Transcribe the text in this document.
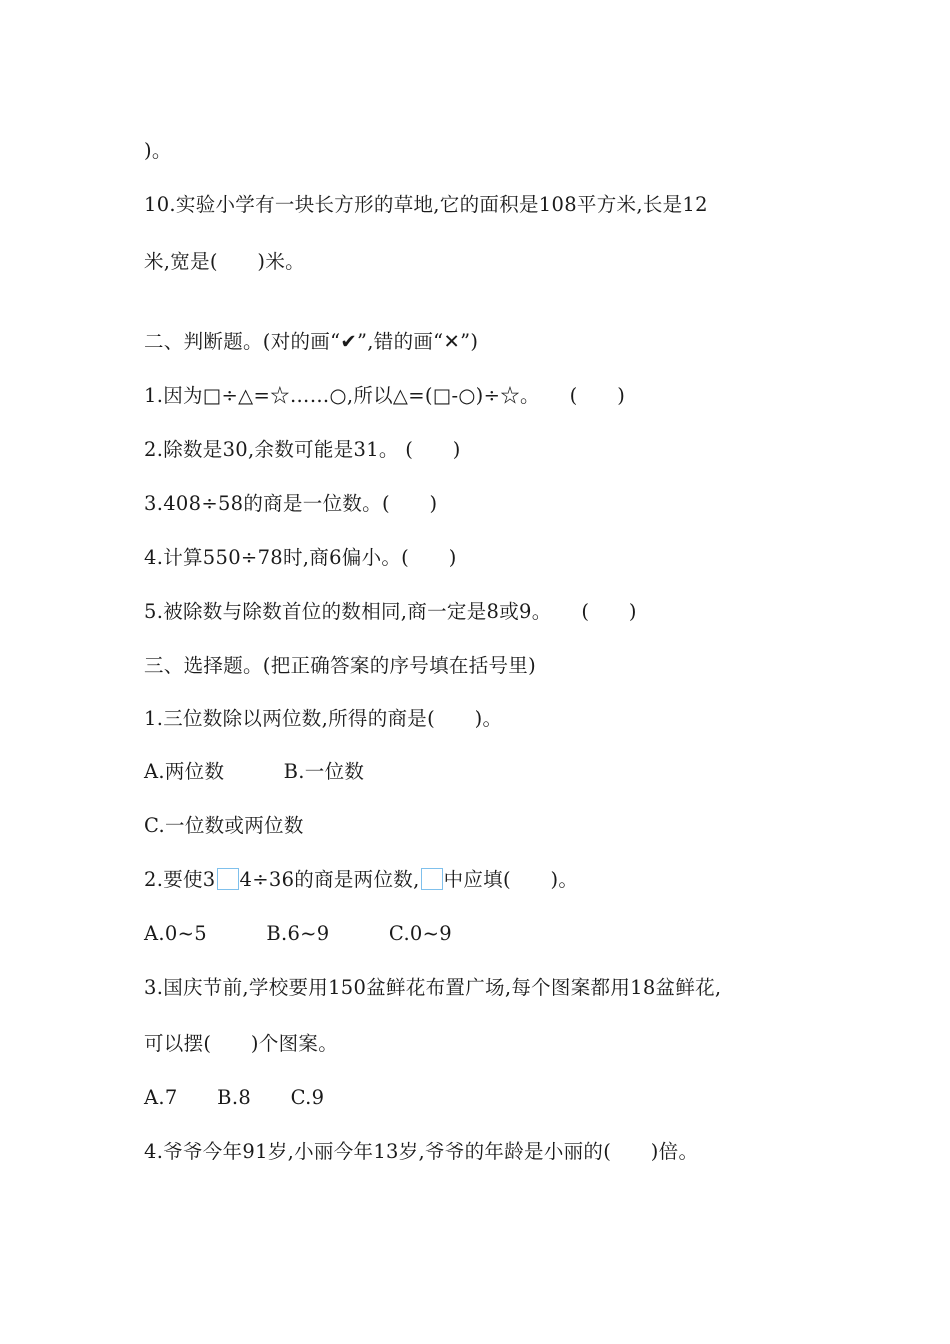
)。
10.实验小学有一块长方形的草地,它的面积是108平方米,长是12
米,宽是(　　)米。
二、判断题。(对的画“✔”,错的画“✕”)
1.因为□÷△=☆……○,所以△=(□-○)÷☆。　　(　　)
2.除数是30,余数可能是31。 (　　)
3.408÷58的商是一位数。(　　)
4.计算550÷78时,商6偏小。(　　)
5.被除数与除数首位的数相同,商一定是8或9。　　(　　)
三、选择题。(把正确答案的序号填在括号里)
1.三位数除以两位数,所得的商是(　　)。
A.两位数　　　B.一位数
C.一位数或两位数
2.要使3 4÷36的商是两位数, 中应填(　　)。
A.0~5　　　B.6~9　　　C.0~9
3.国庆节前,学校要用150盆鲜花布置广场,每个图案都用18盆鲜花,
可以摆(　　)个图案。
A.7　　B.8　　C.9
4.爷爷今年91岁,小丽今年13岁,爷爷的年龄是小丽的(　　)倍。
